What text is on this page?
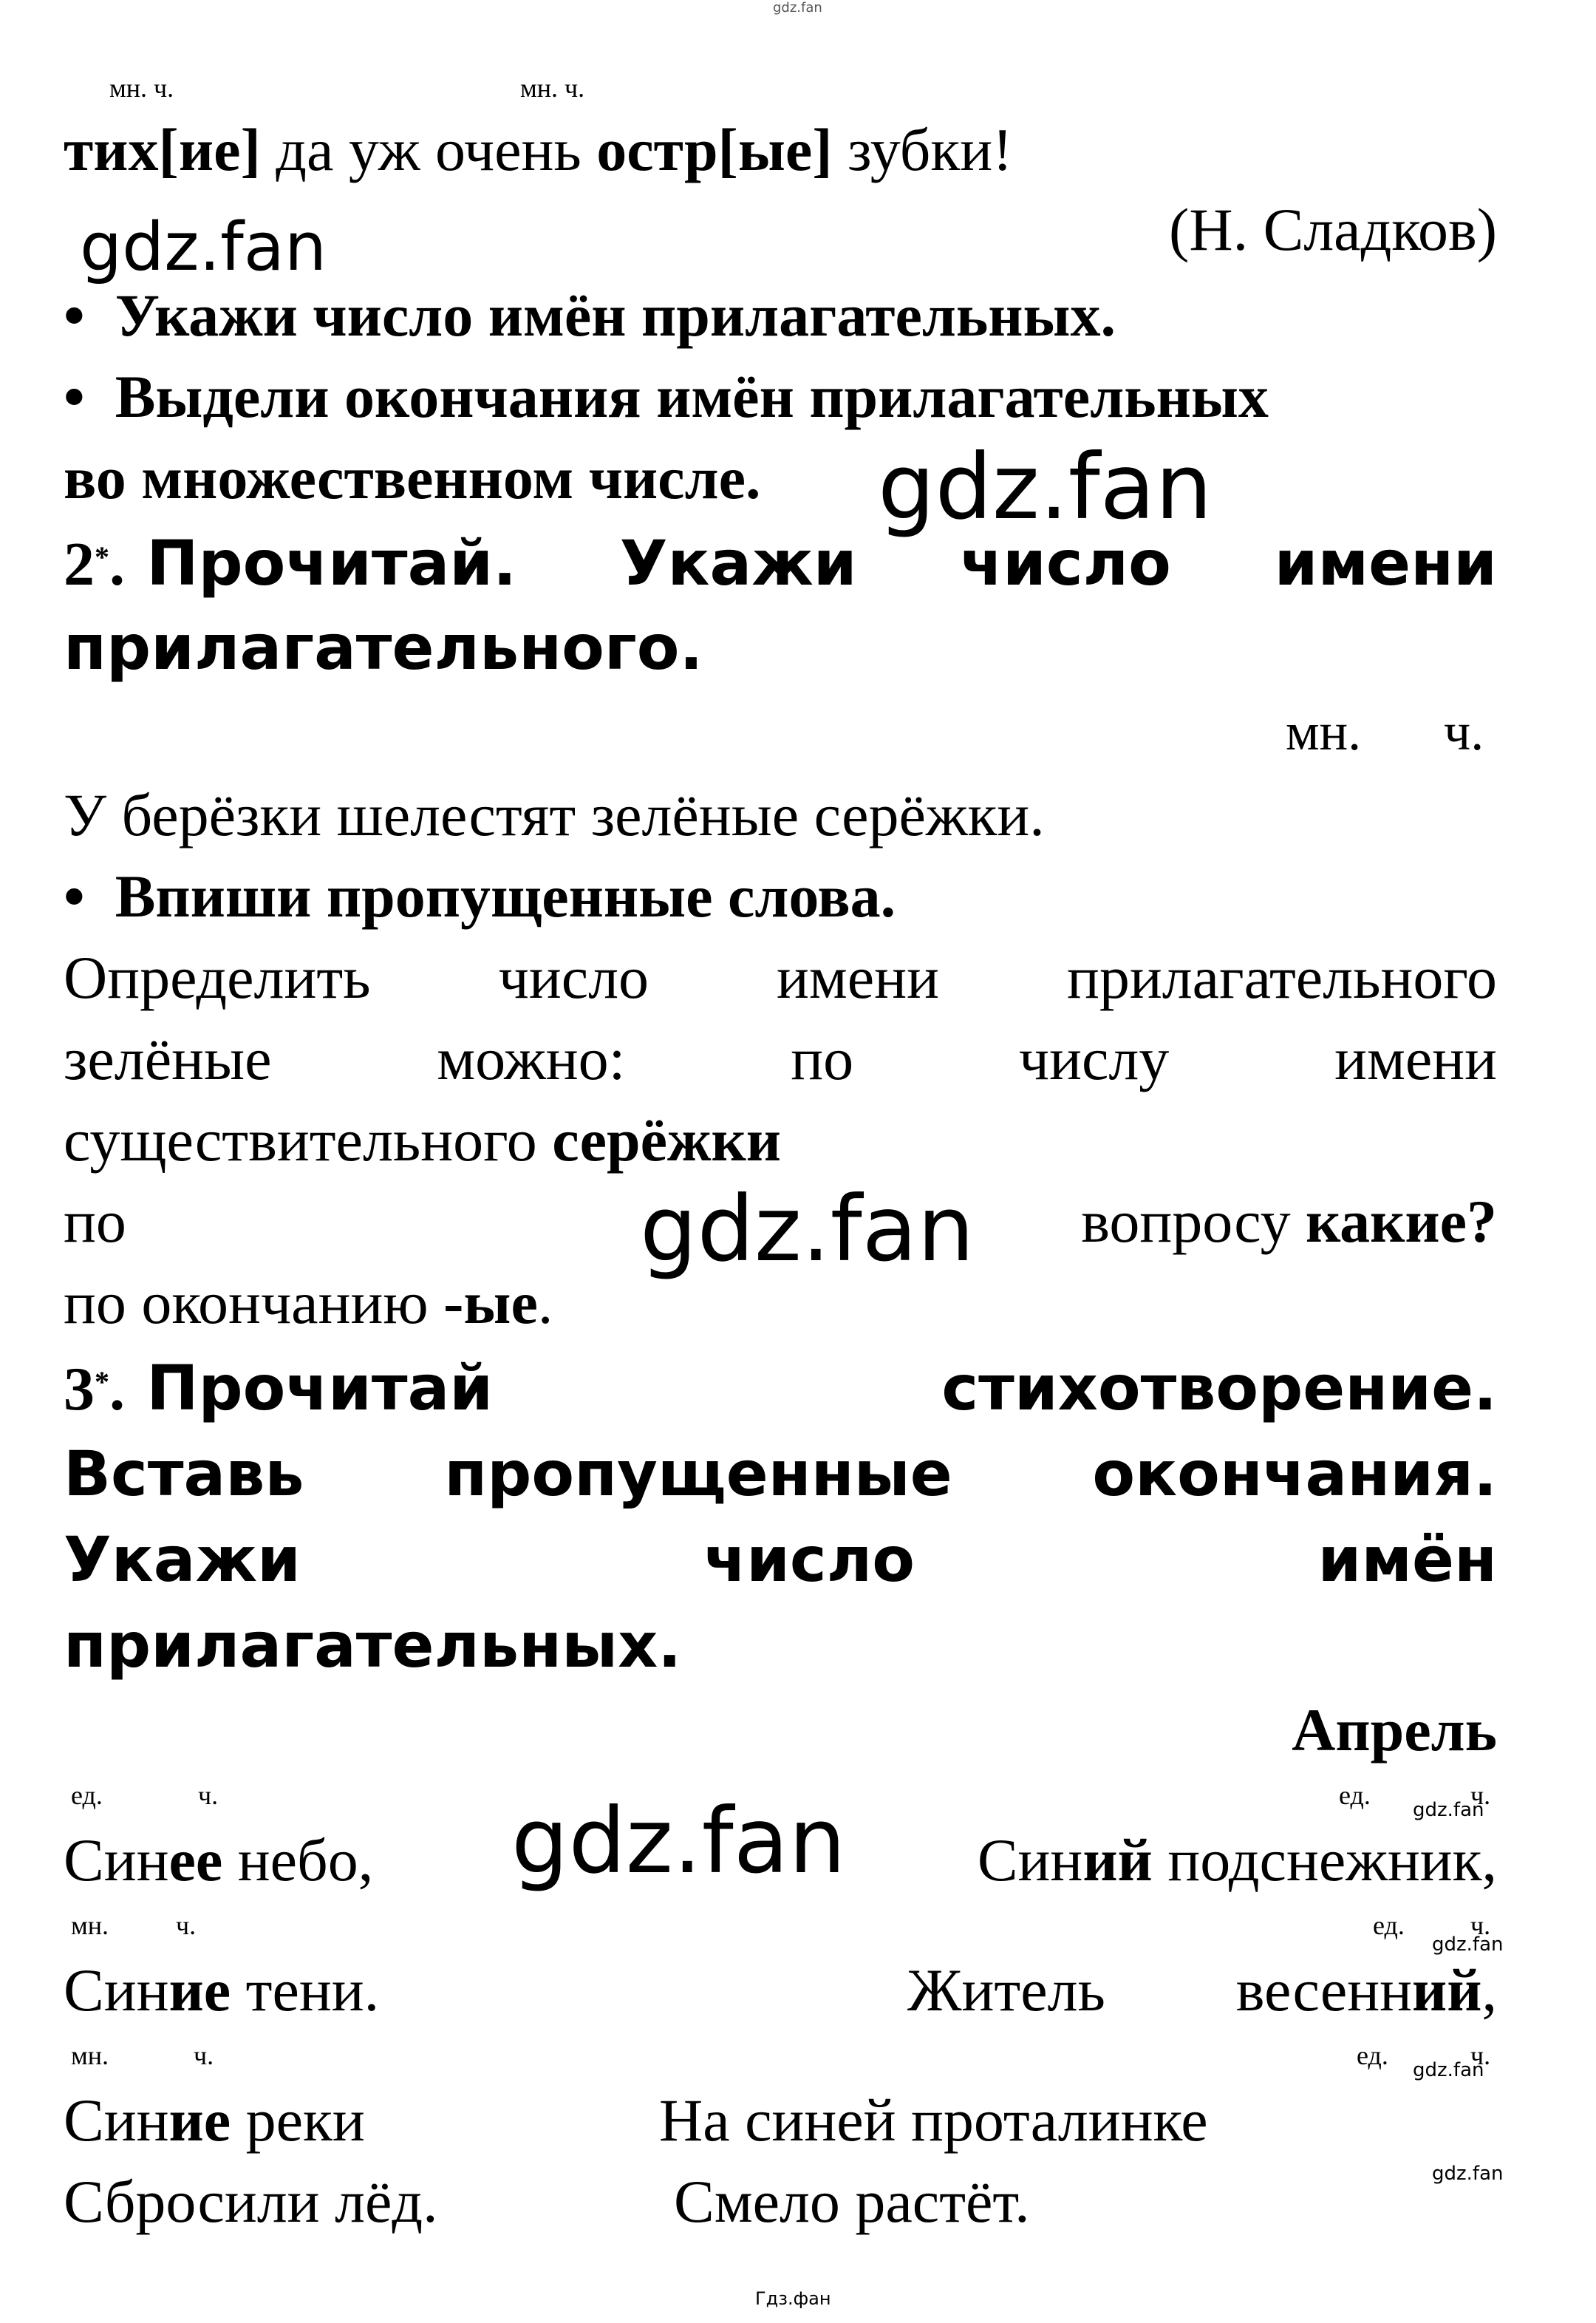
gdz.fan
мн. ч.	мн. ч.
тих[ие] да уж очень остр[ые] зубки!
gdz.fan	(Н. Сладков)
•  Укажи число имён прилагательных.
•  Выдели окончания имён прилагательных
во множественном числе. gdz.fan
2*. Прочитай. Укажи число имени
прилагательного.
мн. ч.
У берёзки шелестят зелёные серёжки.
•  Впиши пропущенные слова.
Определить число имени прилагательного
зелёные	можно:	по	числу	имени
существительного серёжки
по	вопросу какие?
gdz.fan
по окончанию -ые.
3*. Прочитай	стихотворение.
Вставь пропущенные окончания.
Укажи	число	имён
прилагательных.
Апрель
ед.	ч.	ед.	ч.
gdz.fan
Синее небо, gdz.fan Синий подснежник,
мн.	ч.	ед. ч.
gdz.fan
Синие тени.	Житель весенний,
мн.	ч.	ед.	ч.
gdz.fan
Синие реки	На синей проталинке
Сбросили лёд.	Смело растёт.	gdz.fan
Гдз.фан
